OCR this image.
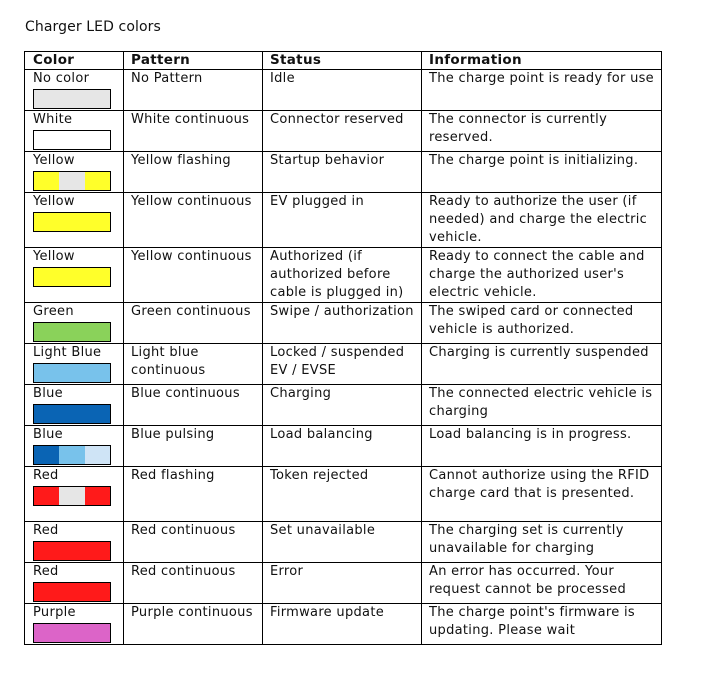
Charger LED colors
Color	Pattern	Status	Information

No color	No Pattern	Idle	The charge point is ready for use

White	White continuous	Connector reserved	The connector is currently reserved.

Yellow	Yellow flashing	Startup behavior	The charge point is initializing.

Yellow	Yellow continuous	EV plugged in	Ready to authorize the user (if needed) and charge the electric vehicle.

Yellow	Yellow continuous	Authorized (if authorized before cable is plugged in)	Ready to connect the cable and charge the authorized user's electric vehicle.

Green	Green continuous	Swipe / authorization	The swiped card or connected vehicle is authorized.

Light Blue	Light blue continuous	Locked / suspended EV / EVSE	Charging is currently suspended

Blue	Blue continuous	Charging	The connected electric vehicle is charging

Blue	Blue pulsing	Load balancing	Load balancing is in progress.

Red	Red flashing	Token rejected	Cannot authorize using the RFID charge card that is presented.

Red	Red continuous	Set unavailable	The charging set is currently unavailable for charging

Red	Red continuous	Error	An error has occurred. Your request cannot be processed

Purple	Purple continuous	Firmware update	The charge point's firmware is updating. Please wait
